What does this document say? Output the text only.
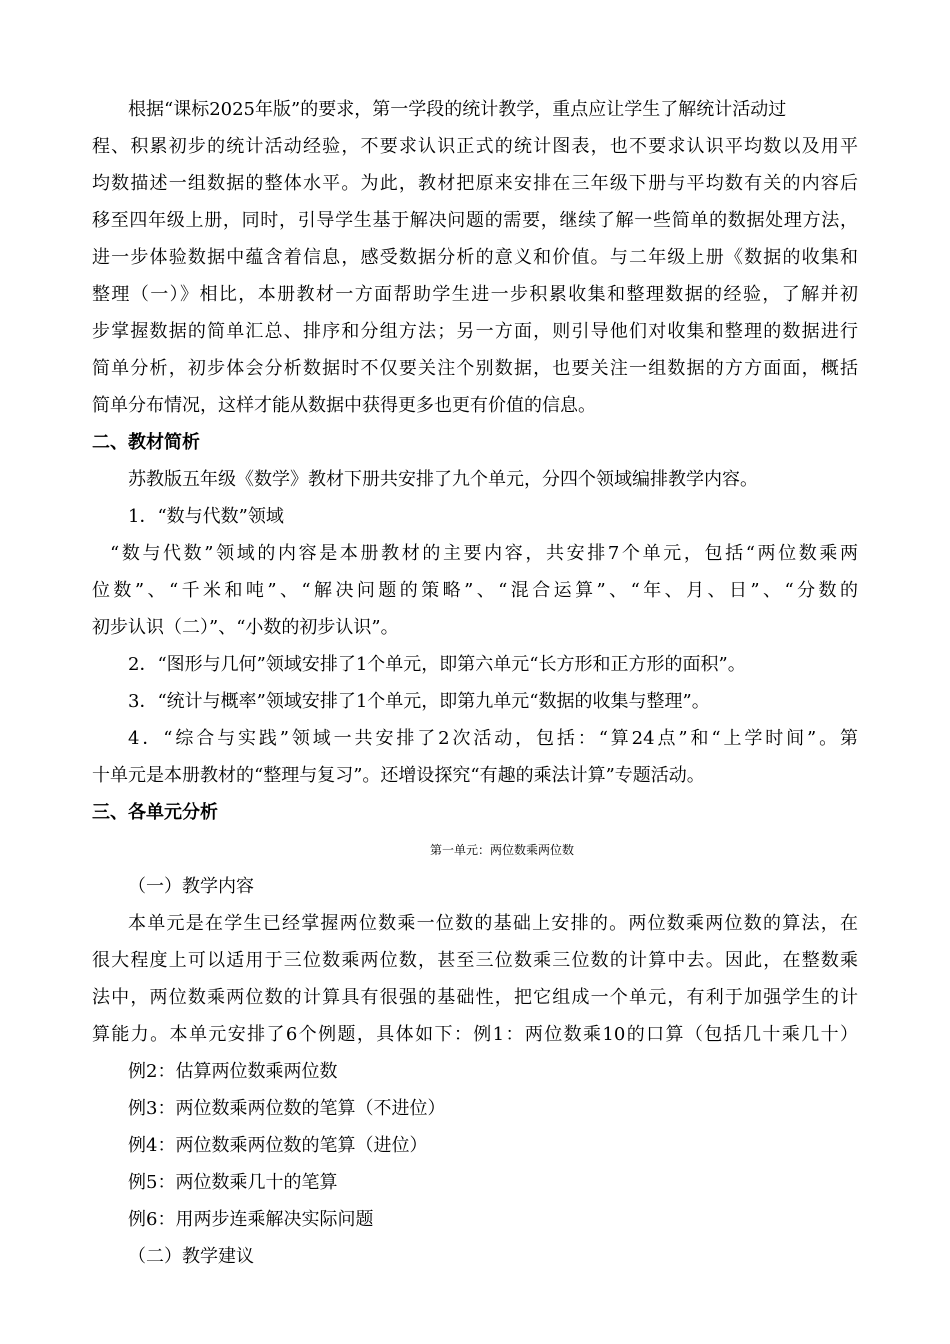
根据“课标2025年版”的要求，第一学段的统计教学，重点应让学生了解统计活动过
程、积累初步的统计活动经验，不要求认识正式的统计图表，也不要求认识平均数以及用平
均数描述一组数据的整体水平。为此，教材把原来安排在三年级下册与平均数有关的内容后
移至四年级上册，同时，引导学生基于解决问题的需要，继续了解一些简单的数据处理方法，
进一步体验数据中蕴含着信息，感受数据分析的意义和价值。与二年级上册《数据的收集和
整理（一）》相比，本册教材一方面帮助学生进一步积累收集和整理数据的经验，了解并初
步掌握数据的简单汇总、排序和分组方法；另一方面，则引导他们对收集和整理的数据进行
简单分析，初步体会分析数据时不仅要关注个别数据，也要关注一组数据的方方面面，概括
简单分布情况，这样才能从数据中获得更多也更有价值的信息。
二、教材简析
苏教版五年级《数学》教材下册共安排了九个单元，分四个领域编排教学内容。
1．“数与代数”领域
“数与代数”领域的内容是本册教材的主要内容，共安排7个单元，包括“两位数乘两
位数”、“千米和吨”、“解决问题的策略”、“混合运算”、“年、月、日”、“分数的
初步认识（二）”、“小数的初步认识”。
2．“图形与几何”领域安排了1个单元，即第六单元“长方形和正方形的面积”。
3．“统计与概率”领域安排了1个单元，即第九单元“数据的收集与整理”。
4．“综合与实践”领域一共安排了2次活动，包括：“算24点”和“上学时间”。第
十单元是本册教材的“整理与复习”。还增设探究“有趣的乘法计算”专题活动。
三、各单元分析
第一单元：两位数乘两位数
（一）教学内容
本单元是在学生已经掌握两位数乘一位数的基础上安排的。两位数乘两位数的算法，在
很大程度上可以适用于三位数乘两位数，甚至三位数乘三位数的计算中去。因此，在整数乘
法中，两位数乘两位数的计算具有很强的基础性，把它组成一个单元，有利于加强学生的计
算能力。本单元安排了6个例题，具体如下：例1：两位数乘10的口算（包括几十乘几十）
例2：估算两位数乘两位数
例3：两位数乘两位数的笔算（不进位）
例4：两位数乘两位数的笔算（进位）
例5：两位数乘几十的笔算
例6：用两步连乘解决实际问题
（二）教学建议
